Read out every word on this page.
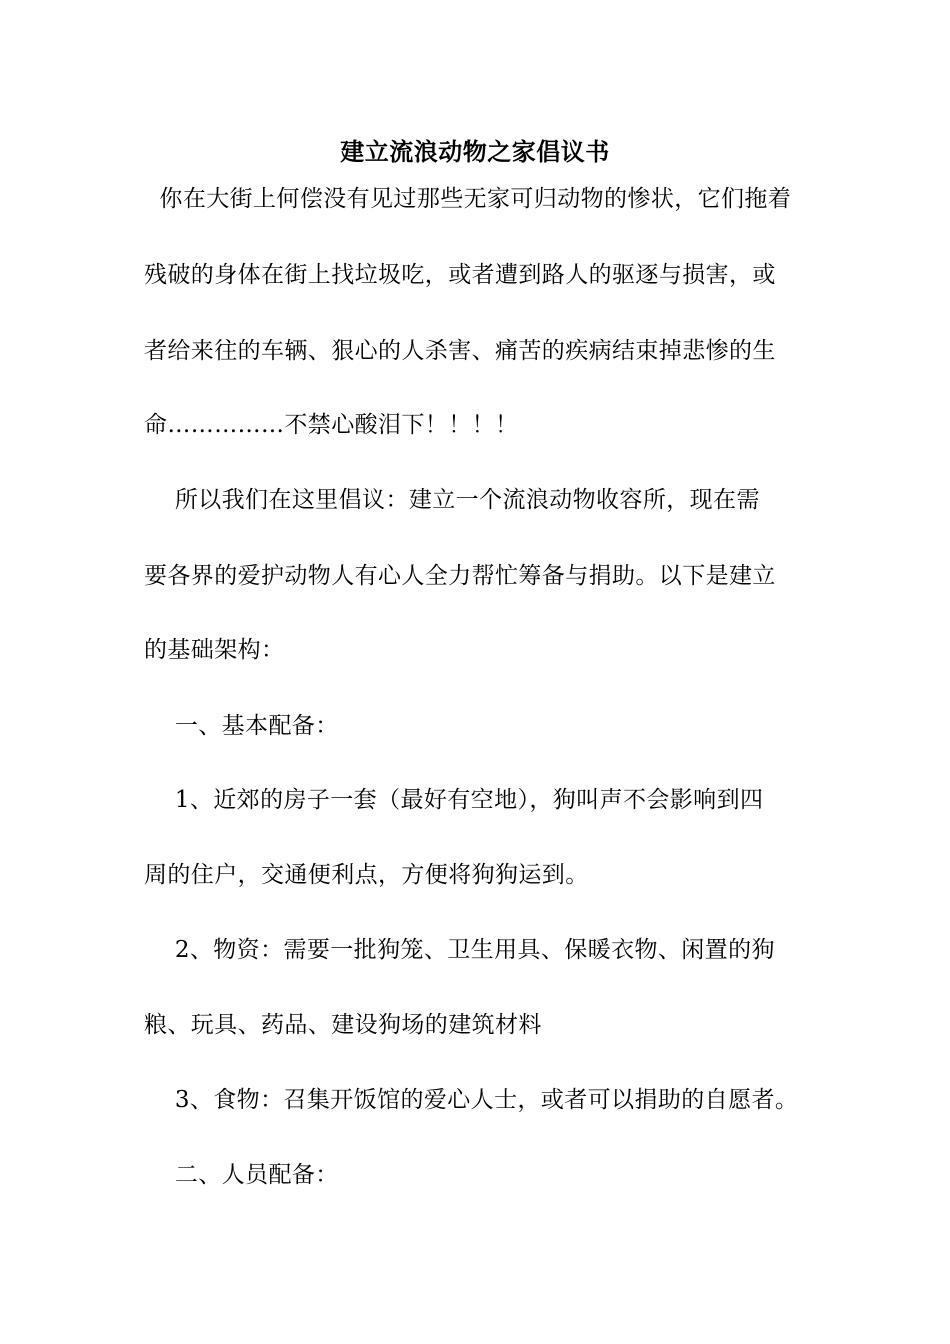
建立流浪动物之家倡议书
你在大街上何偿没有见过那些无家可归动物的惨状，它们拖着
残破的身体在街上找垃圾吃，或者遭到路人的驱逐与损害，或
者给来往的车辆、狠心的人杀害、痛苦的疾病结束掉悲惨的生
命……………不禁心酸泪下！！！！
所以我们在这里倡议：建立一个流浪动物收容所，现在需
要各界的爱护动物人有心人全力帮忙筹备与捐助。以下是建立
的基础架构：
一、基本配备：
1、近郊的房子一套（最好有空地），狗叫声不会影响到四
周的住户，交通便利点，方便将狗狗运到。
2、物资：需要一批狗笼、卫生用具、保暖衣物、闲置的狗
粮、玩具、药品、建设狗场的建筑材料
3、食物：召集开饭馆的爱心人士，或者可以捐助的自愿者。
二、人员配备：
